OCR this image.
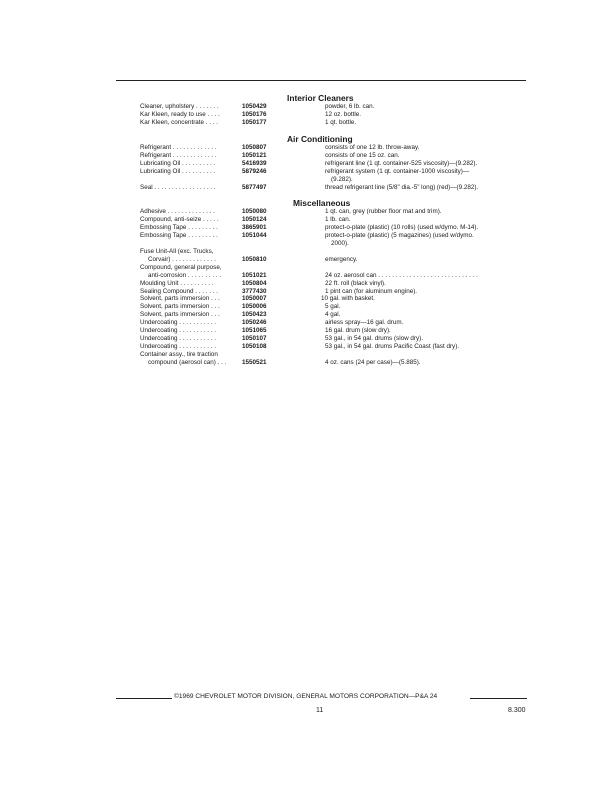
Interior Cleaners
Cleaner, upholstery . . . . . . .	1050429	powder, 6 lb. can.
Kar Kleen, ready to use . . . .	1050176	12 oz. bottle.
Kar Kleen, concentrate . . . .	1050177	1 qt. bottle.
Air Conditioning
Refrigerant . . . . . . . . . . . . .	1050807	consists of one 12 lb. throw-away.
Refrigerant . . . . . . . . . . . . .	1050121	consists of one 15 oz. can.
Lubricating Oil . . . . . . . . . .	5416939	refrigerant line (1 qt. container-525 viscosity)—(9.282).
Lubricating Oil . . . . . . . . . .	5879246	refrigerant system (1 qt. container-1000 viscosity)—
(9.282).
Seal . . . . . . . . . . . . . . . . . .	5877497	thread refrigerant line (5/8" dia.-5" long) (red)—(9.282).
Miscellaneous
Adhesive . . . . . . . . . . . . . .	1050080	1 qt. can, grey (rubber floor mat and trim).
Compound, anti-seize . . . . .	1050124	1 lb. can.
Embossing Tape . . . . . . . . .	3865901	protect-o-plate (plastic) (10 rolls) (used w/dymo. M-14).
Embossing Tape . . . . . . . . .	1051044	protect-o-plate (plastic) (5 magazines) (used w/dymo.
2000).
Fuse Unit-All (exc. Trucks,
Corvair) . . . . . . . . . . . . .	1050810	emergency.
Compound, general purpose,
anti-corrosion . . . . . . . . . .	1051021	24 oz. aerosol can . . . . . . . . . . . . . . . . . . . . . . . . . . . . .
Moulding Unit . . . . . . . . . .	1050804	22 ft. roll (black vinyl).
Sealing Compound . . . . . . .	3777430	1 pint can (for aluminum engine).
Solvent, parts immersion . . .	1050007	10 gal. with basket.
Solvent, parts immersion . . .	1050006	5 gal.
Solvent, parts immersion . . .	1050423	4 gal.
Undercoating . . . . . . . . . . .	1050246	airless spray—16 gal. drum.
Undercoating . . . . . . . . . . .	1051065	16 gal. drum (slow dry).
Undercoating . . . . . . . . . . .	1050107	53 gal., in 54 gal. drums (slow dry).
Undercoating . . . . . . . . . . .	1050108	53 gal., in 54 gal. drums Pacific Coast (fast dry).
Container assy., tire traction
compound (aerosol can) . . . 1550521	4 oz. cans (24 per case)—(5.885).
©1969 CHEVROLET MOTOR DIVISION, GENERAL MOTORS CORPORATION—P&A 24
11	8.300
